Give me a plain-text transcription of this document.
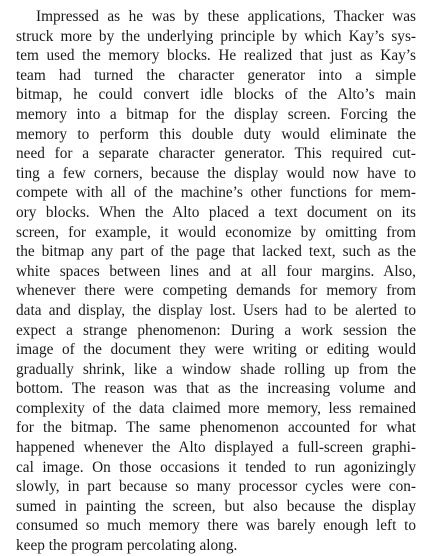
Impressed as he was by these applications, Thacker was
struck more by the underlying principle by which Kay’s sys-
tem used the memory blocks. He realized that just as Kay’s
team had turned the character generator into a simple
bitmap, he could convert idle blocks of the Alto’s main
memory into a bitmap for the display screen. Forcing the
memory to perform this double duty would eliminate the
need for a separate character generator. This required cut-
ting a few corners, because the display would now have to
compete with all of the machine’s other functions for mem-
ory blocks. When the Alto placed a text document on its
screen, for example, it would economize by omitting from
the bitmap any part of the page that lacked text, such as the
white spaces between lines and at all four margins. Also,
whenever there were competing demands for memory from
data and display, the display lost. Users had to be alerted to
expect a strange phenomenon: During a work session the
image of the document they were writing or editing would
gradually shrink, like a window shade rolling up from the
bottom. The reason was that as the increasing volume and
complexity of the data claimed more memory, less remained
for the bitmap. The same phenomenon accounted for what
happened whenever the Alto displayed a full-screen graphi-
cal image. On those occasions it tended to run agonizingly
slowly, in part because so many processor cycles were con-
sumed in painting the screen, but also because the display
consumed so much memory there was barely enough left to
keep the program percolating along.
